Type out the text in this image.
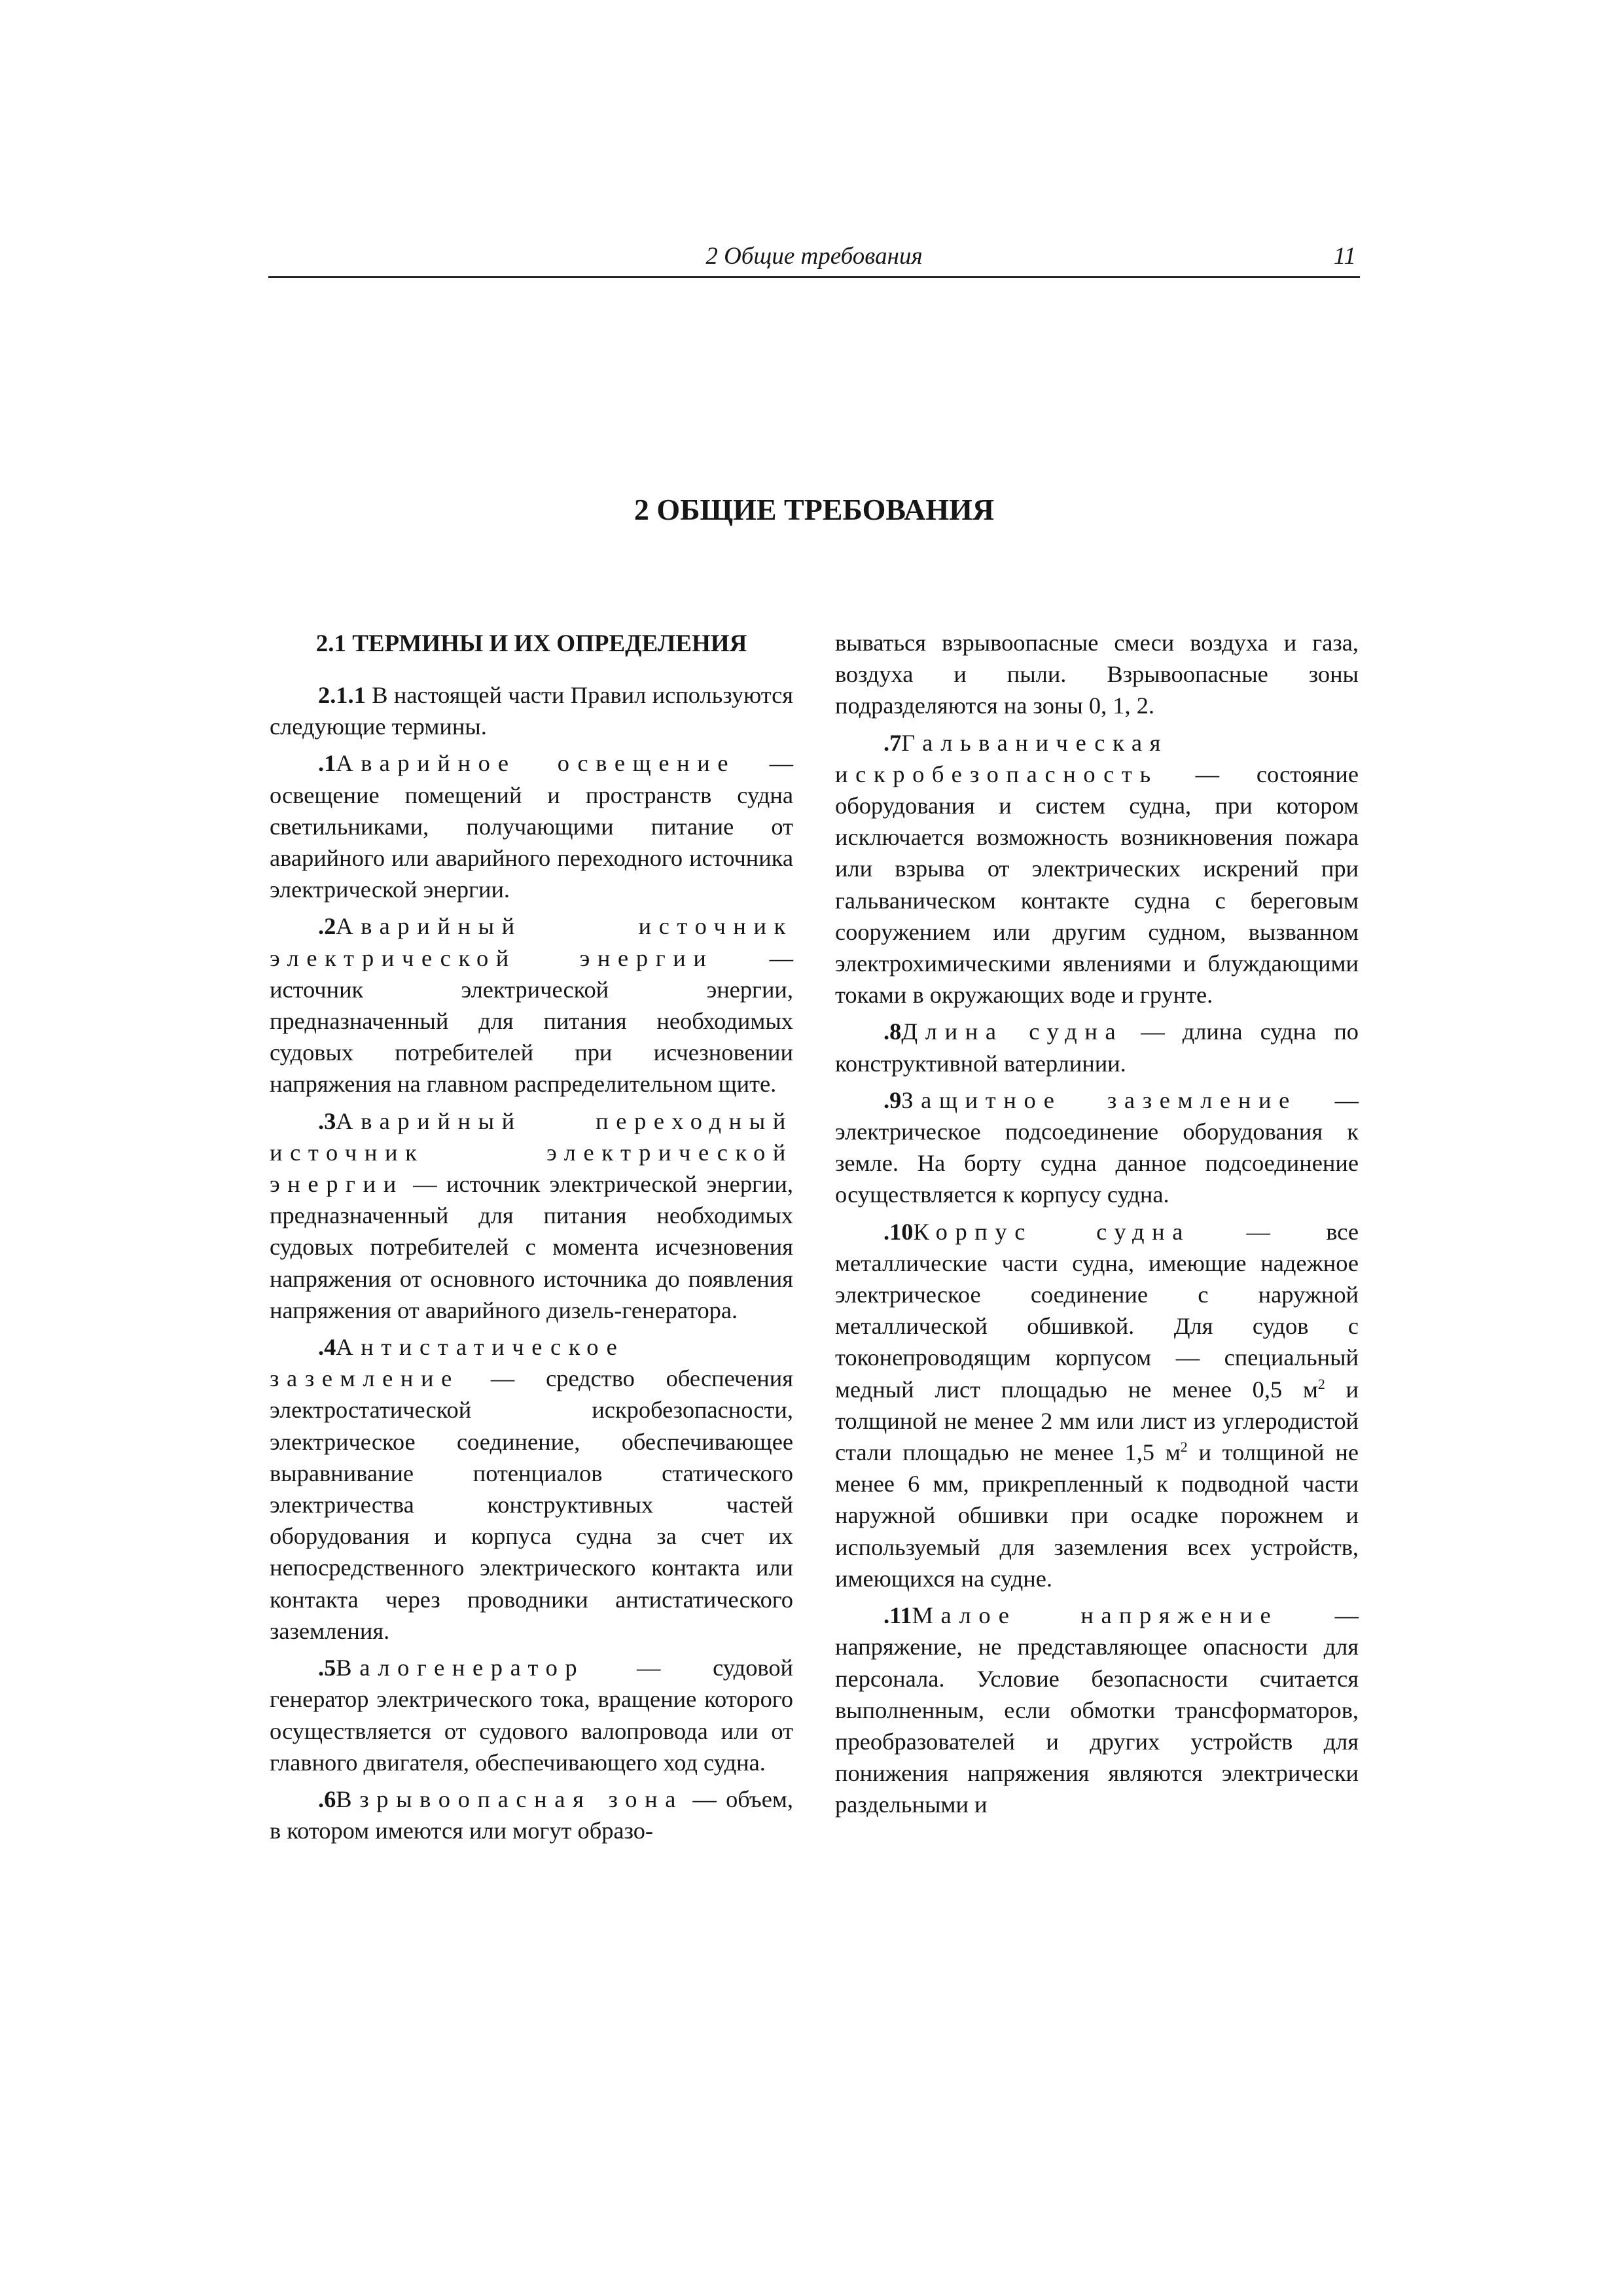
2 Общие требования	11
2 ОБЩИЕ ТРЕБОВАНИЯ
2.1 ТЕРМИНЫ И ИХ ОПРЕДЕЛЕНИЯ

2.1.1 В настоящей части Правил используются следующие термины.

.1Аварийное освещение — освещение помещений и пространств судна светильниками, получающими питание от аварийного или аварийного переходного источника электрической энергии.

.2Аварийный источник электрической энергии — источник электрической энергии, предназначенный для питания необходимых судовых потребителей при исчезновении напряжения на главном распределительном щите.

.3Аварийный переходный источник электрической энергии — источник электрической энергии, предназначенный для питания необходимых судовых потребителей с момента исчезновения напряжения от основного источника до появления напряжения от аварийного дизель-генератора.

.4Антистатическое заземление — средство обеспечения электростатической искробезопасности, электрическое соединение, обеспечивающее выравнивание потенциалов статического электричества конструктивных частей оборудования и корпуса судна за счет их непосредственного электрического контакта или контакта через проводники антистатического заземления.

.5Валогенератор — судовой генератор электрического тока, вращение которого осуществляется от судового валопровода или от главного двигателя, обеспечивающего ход судна.

.6Взрывоопасная зона — объем, в котором имеются или могут образо-

вываться взрывоопасные смеси воздуха и газа, воздуха и пыли. Взрывоопасные зоны подразделяются на зоны 0, 1, 2.

.7Гальваническая искробезопасность — состояние оборудования и систем судна, при котором исключается возможность возникновения пожара или взрыва от электрических искрений при гальваническом контакте судна с береговым сооружением или другим судном, вызванном электрохимическими явлениями и блуждающими токами в окружающих воде и грунте.

.8Длина судна — длина судна по конструктивной ватерлинии.

.9Защитное заземление — электрическое подсоединение оборудования к земле. На борту судна данное подсоединение осуществляется к корпусу судна.

.10Корпус судна — все металлические части судна, имеющие надежное электрическое соединение с наружной металлической обшивкой. Для судов с токонепроводящим корпусом — специальный медный лист площадью не менее 0,5 $м^2$ и толщиной не менее 2 мм или лист из углеродистой стали площадью не менее 1,5 $м^2$ и толщиной не менее 6 мм, прикрепленный к подводной части наружной обшивки при осадке порожнем и используемый для заземления всех устройств, имеющихся на судне.

.11Малое напряжение — напряжение, не представляющее опасности для персонала. Условие безопасности считается выполненным, если обмотки трансформаторов, преобразователей и других устройств для понижения напряжения являются электрически раздельными и
